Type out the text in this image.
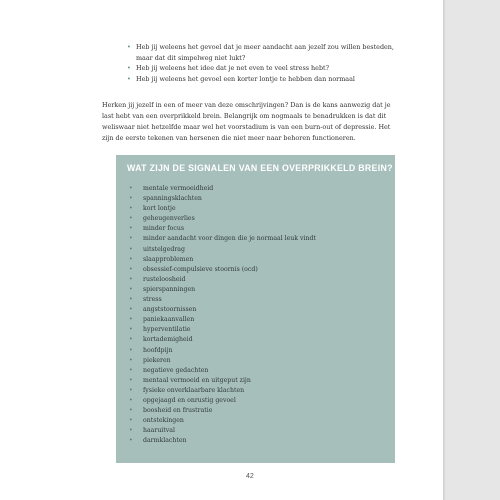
• Heb jij weleens het gevoel dat je meer aandacht aan jezelf zou willen besteden, maar dat dit simpelweg niet lukt?
• Heb jij weleens het idee dat je net even te veel stress hebt?
• Heb jij weleens het gevoel een korter lontje te hebben dan normaal

Herken jij jezelf in een of meer van deze omschrijvingen? Dan is de kans aanwezig dat je last hebt van een overprikkeld brein. Belangrijk om nogmaals te benadrukken is dat dit weliswaar niet hetzelfde maar wel het voorstadium is van een burn-out of depressie. Het zijn de eerste tekenen van hersenen die niet meer naar behoren functioneren.

WAT ZIJN DE SIGNALEN VAN EEN OVERPRIKKELD BREIN?
• mentale vermoeidheid
• spanningsklachten
• kort lontje
• geheugenverlies
• minder focus
• minder aandacht voor dingen die je normaal leuk vindt
• uitstelgedrag
• slaapproblemen
• obsessief-compulsieve stoornis (ocd)
• rusteloosheid
• spierspanningen
• stress
• angststoornissen
• paniekaanvallen
• hyperventilatie
• kortademigheid
• hoofdpijn
• piekeren
• negatieve gedachten
• mentaal vermoeid en uitgeput zijn
• fysieke onverklaarbare klachten
• opgejaagd en onrustig gevoel
• boosheid en frustratie
• ontstekingen
• haaruitval
• darmklachten
42
